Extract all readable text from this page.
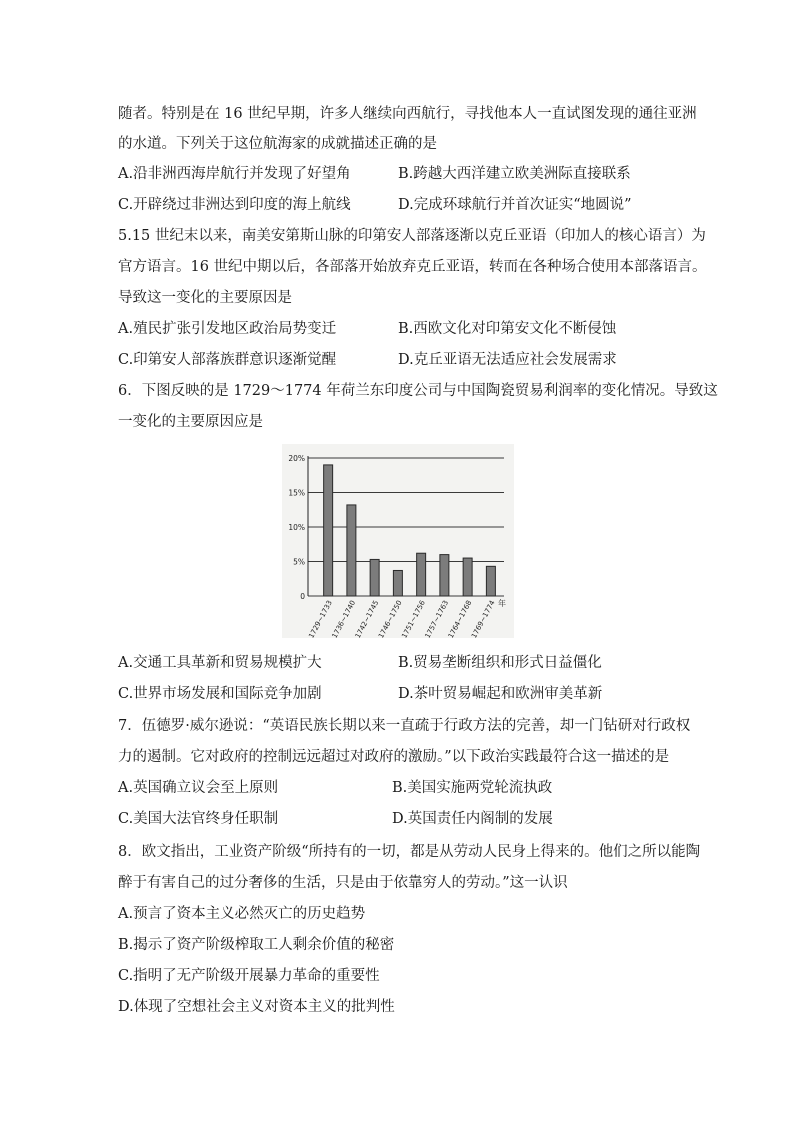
随者。特别是在 16 世纪早期，许多人继续向西航行，寻找他本人一直试图发现的通往亚洲
的水道。下列关于这位航海家的成就描述正确的是
A.沿非洲西海岸航行并发现了好望角	B.跨越大西洋建立欧美洲际直接联系
C.开辟绕过非洲达到印度的海上航线	D.完成环球航行并首次证实“地圆说”
5.15 世纪末以来，南美安第斯山脉的印第安人部落逐渐以克丘亚语（印加人的核心语言）为
官方语言。16 世纪中期以后，各部落开始放弃克丘亚语，转而在各种场合使用本部落语言。
导致这一变化的主要原因是
A.殖民扩张引发地区政治局势变迁	B.西欧文化对印第安文化不断侵蚀
C.印第安人部落族群意识逐渐觉醒	D.克丘亚语无法适应社会发展需求
6．下图反映的是 1729～1774 年荷兰东印度公司与中国陶瓷贸易利润率的变化情况。导致这
一变化的主要原因应是
0
5%
10%
15%
20%
1729~1733
1736~1740
1742~1745
1746~1750
1751~1756
1757~1763
1764~1768
1769~1774 年
A.交通工具革新和贸易规模扩大	B.贸易垄断组织和形式日益僵化
C.世界市场发展和国际竞争加剧	D.茶叶贸易崛起和欧洲审美革新
7．伍德罗·威尔逊说：“英语民族长期以来一直疏于行政方法的完善，却一门钻研对行政权
力的遏制。它对政府的控制远远超过对政府的激励。”以下政治实践最符合这一描述的是
A.英国确立议会至上原则	B.美国实施两党轮流执政
C.美国大法官终身任职制	D.英国责任内阁制的发展
8．欧文指出，工业资产阶级“所持有的一切，都是从劳动人民身上得来的。他们之所以能陶
醉于有害自己的过分奢侈的生活，只是由于依靠穷人的劳动。”这一认识
A.预言了资本主义必然灭亡的历史趋势
B.揭示了资产阶级榨取工人剩余价值的秘密
C.指明了无产阶级开展暴力革命的重要性
D.体现了空想社会主义对资本主义的批判性
